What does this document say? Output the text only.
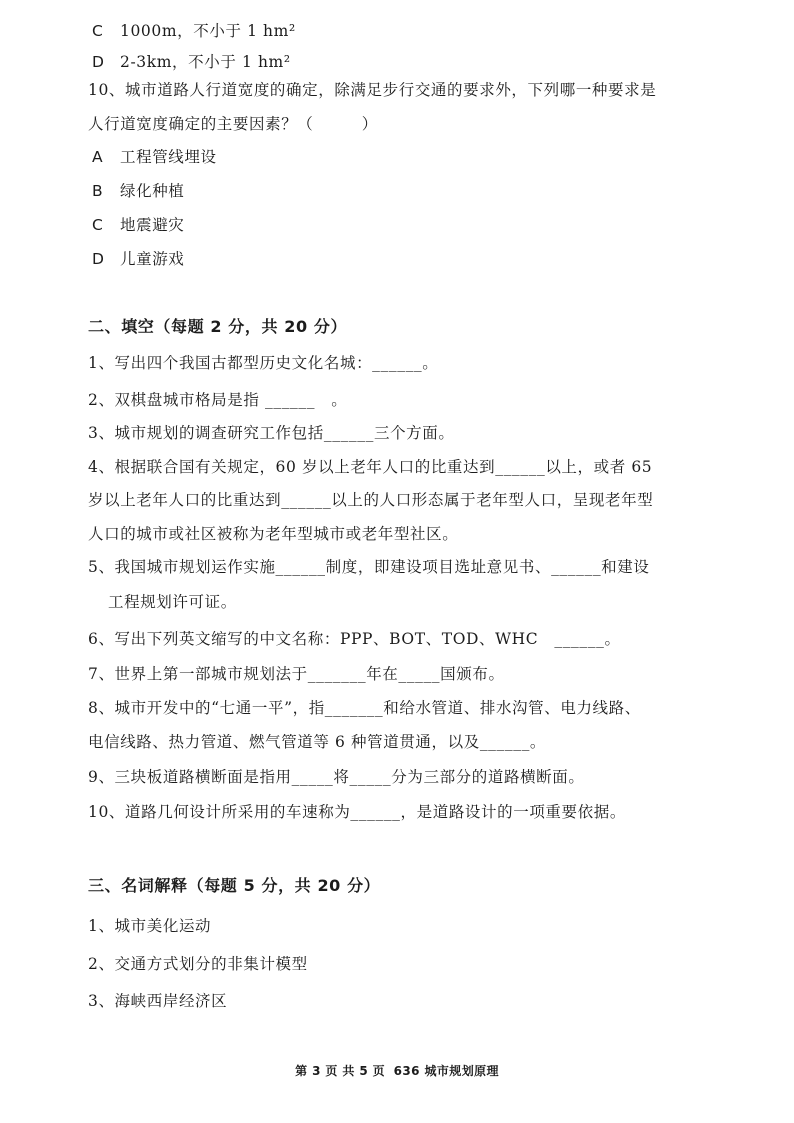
C 1000m，不小于 1 hm²
D 2-3km，不小于 1 hm²
10、城市道路人行道宽度的确定，除满足步行交通的要求外，下列哪一种要求是
人行道宽度确定的主要因素？（　　　）
A 工程管线埋设
B 绿化种植
C 地震避灾
D 儿童游戏
二、填空（每题 2 分，共 20 分）
1、写出四个我国古都型历史文化名城：______。
2、双棋盘城市格局是指 ______　。
3、城市规划的调查研究工作包括______三个方面。
4、根据联合国有关规定，60 岁以上老年人口的比重达到______以上，或者 65
岁以上老年人口的比重达到______以上的人口形态属于老年型人口，呈现老年型
人口的城市或社区被称为老年型城市或老年型社区。
5、我国城市规划运作实施______制度，即建设项目选址意见书、______和建设
工程规划许可证。
6、写出下列英文缩写的中文名称：PPP、BOT、TOD、WHC　______。
7、世界上第一部城市规划法于_______年在_____国颁布。
8、城市开发中的“七通一平”，指_______和给水管道、排水沟管、电力线路、
电信线路、热力管道、燃气管道等 6 种管道贯通，以及______。
9、三块板道路横断面是指用_____将_____分为三部分的道路横断面。
10、道路几何设计所采用的车速称为______，是道路设计的一项重要依据。
三、名词解释（每题 5 分，共 20 分）
1、城市美化运动
2、交通方式划分的非集计模型
3、海峡西岸经济区
第 3 页 共 5 页 636 城市规划原理
